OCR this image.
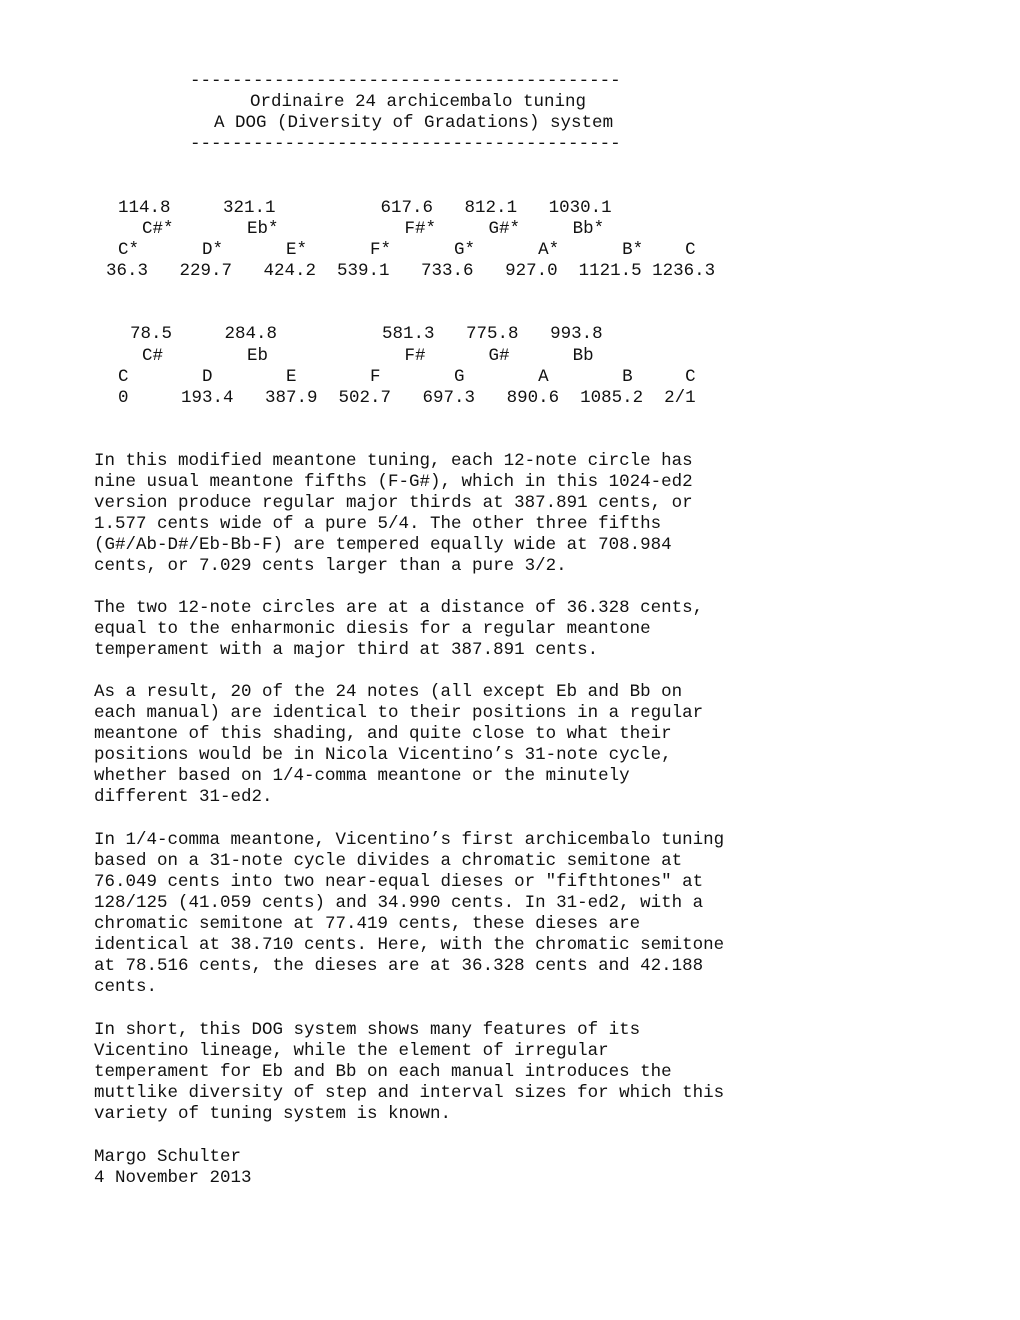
-----------------------------------------
Ordinaire 24 archicembalo tuning
A DOG (Diversity of Gradations) system
-----------------------------------------
114.8     321.1          617.6   812.1   1030.1
C#*       Eb*            F#*     G#*     Bb*
C*      D*      E*      F*      G*      A*      B*    C
36.3   229.7   424.2  539.1   733.6   927.0  1121.5 1236.3
78.5     284.8          581.3   775.8   993.8
C#        Eb             F#      G#      Bb
C       D       E       F       G       A       B     C
0     193.4   387.9  502.7   697.3   890.6  1085.2  2/1
In this modified meantone tuning, each 12-note circle has
nine usual meantone fifths (F-G#), which in this 1024-ed2
version produce regular major thirds at 387.891 cents, or
1.577 cents wide of a pure 5/4. The other three fifths
(G#/Ab-D#/Eb-Bb-F) are tempered equally wide at 708.984
cents, or 7.029 cents larger than a pure 3/2.
The two 12-note circles are at a distance of 36.328 cents,
equal to the enharmonic diesis for a regular meantone
temperament with a major third at 387.891 cents.
As a result, 20 of the 24 notes (all except Eb and Bb on
each manual) are identical to their positions in a regular
meantone of this shading, and quite close to what their
positions would be in Nicola Vicentino’s 31-note cycle,
whether based on 1/4-comma meantone or the minutely
different 31-ed2.
In 1/4-comma meantone, Vicentino’s first archicembalo tuning
based on a 31-note cycle divides a chromatic semitone at
76.049 cents into two near-equal dieses or "fifthtones" at
128/125 (41.059 cents) and 34.990 cents. In 31-ed2, with a
chromatic semitone at 77.419 cents, these dieses are
identical at 38.710 cents. Here, with the chromatic semitone
at 78.516 cents, the dieses are at 36.328 cents and 42.188
cents.
In short, this DOG system shows many features of its
Vicentino lineage, while the element of irregular
temperament for Eb and Bb on each manual introduces the
muttlike diversity of step and interval sizes for which this
variety of tuning system is known.
Margo Schulter
4 November 2013
